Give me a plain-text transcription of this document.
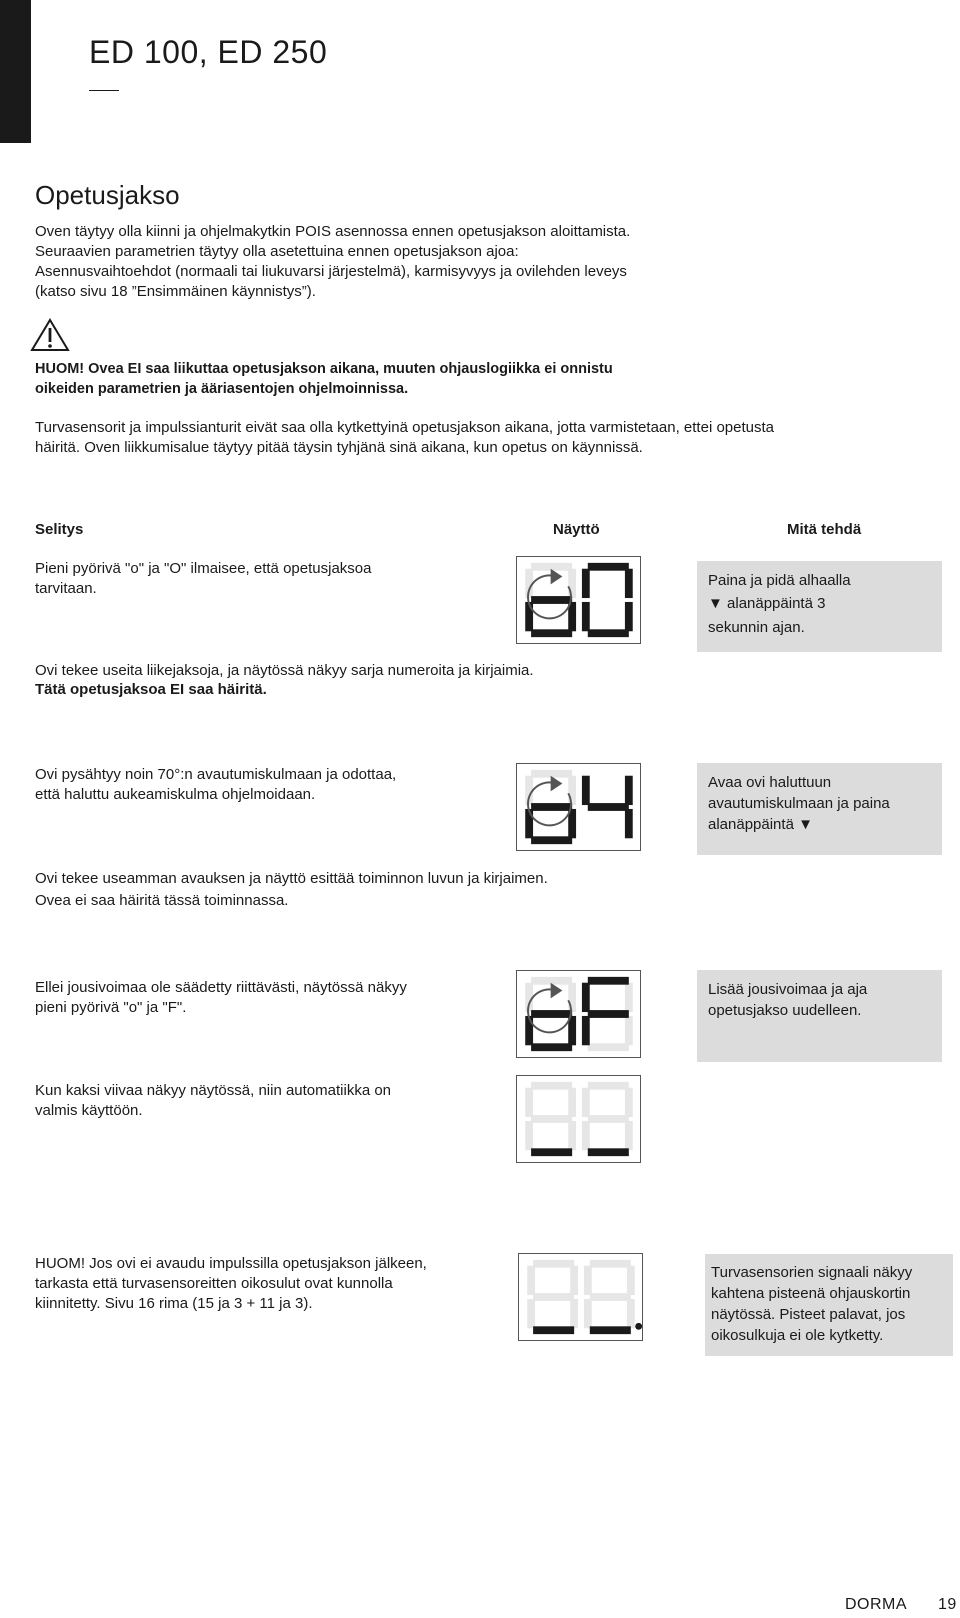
ED 100, ED 250
Opetusjakso
Oven täytyy olla kiinni ja ohjelmakytkin POIS asennossa ennen opetusjakson aloittamista.
Seuraavien parametrien täytyy olla asetettuina ennen opetusjakson ajoa:
Asennusvaihtoehdot (normaali tai liukuvarsi järjestelmä), karmisyvyys ja ovilehden leveys
(katso sivu 18 ”Ensimmäinen käynnistys”).
HUOM! Ovea EI saa liikuttaa opetusjakson aikana, muuten ohjauslogiikka ei onnistu
oikeiden parametrien ja ääriasentojen ohjelmoinnissa.
Turvasensorit ja impulssianturit eivät saa olla kytkettyinä opetusjakson aikana, jotta varmistetaan, ettei opetusta
häiritä. Oven liikkumisalue täytyy pitää täysin tyhjänä sinä aikana, kun opetus on käynnissä.
Selitys	Näyttö	Mitä tehdä
Pieni pyörivä "o" ja "O" ilmaisee, että opetusjaksoa
tarvitaan.	Paina ja pidä alhaalla
▼ alanäppäintä 3
sekunnin ajan.
Ovi tekee useita liikejaksoja, ja näytössä näkyy sarja numeroita ja kirjaimia.
Tätä opetusjaksoa EI saa häiritä.
Ovi pysähtyy noin 70°:n avautumiskulmaan ja odottaa,
että haluttu aukeamiskulma ohjelmoidaan.
Avaa ovi haluttuun
avautumiskulmaan ja paina
alanäppäintä ▼
Ovi tekee useamman avauksen ja näyttö esittää toiminnon luvun ja kirjaimen.
Ovea ei saa häiritä tässä toiminnassa.
Ellei jousivoimaa ole säädetty riittävästi, näytössä näkyy
pieni pyörivä "o" ja "F".
Lisää jousivoimaa ja aja
opetusjakso uudelleen.
Kun kaksi viivaa näkyy näytössä, niin automatiikka on
valmis käyttöön.
HUOM! Jos ovi ei avaudu impulssilla opetusjakson jälkeen,
tarkasta että turvasensoreitten oikosulut ovat kunnolla
kiinnitetty. Sivu 16 rima (15 ja 3 + 11 ja 3).
Turvasensorien signaali näkyy
kahtena pisteenä ohjauskortin
näytössä. Pisteet palavat, jos
oikosulkuja ei ole kytketty.
DORMA 19
